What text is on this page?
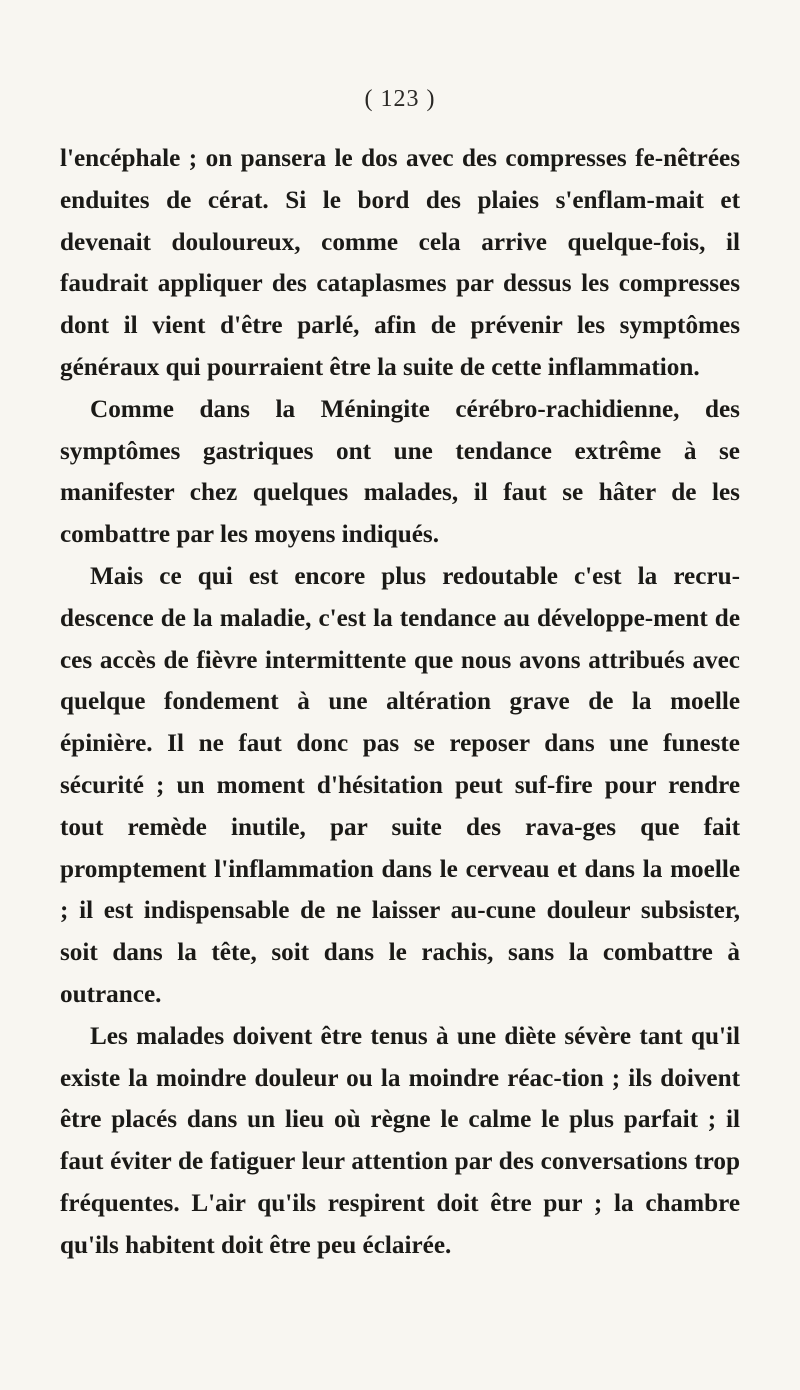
( 123 )

l'encéphale ; on pansera le dos avec des compresses fe-nêtrées enduites de cérat. Si le bord des plaies s'enflam-mait et devenait douloureux, comme cela arrive quelque-fois, il faudrait appliquer des cataplasmes par dessus les compresses dont il vient d'être parlé, afin de prévenir les symptômes généraux qui pourraient être la suite de cette inflammation.

Comme dans la Méningite cérébro-rachidienne, des symptômes gastriques ont une tendance extrême à se manifester chez quelques malades, il faut se hâter de les combattre par les moyens indiqués.

Mais ce qui est encore plus redoutable c'est la recru-descence de la maladie, c'est la tendance au développe-ment de ces accès de fièvre intermittente que nous avons attribués avec quelque fondement à une altération grave de la moelle épinière. Il ne faut donc pas se reposer dans une funeste sécurité ; un moment d'hésitation peut suf-fire pour rendre tout remède inutile, par suite des rava-ges que fait promptement l'inflammation dans le cerveau et dans la moelle ; il est indispensable de ne laisser au-cune douleur subsister, soit dans la tête, soit dans le rachis, sans la combattre à outrance.

Les malades doivent être tenus à une diète sévère tant qu'il existe la moindre douleur ou la moindre réac-tion ; ils doivent être placés dans un lieu où règne le calme le plus parfait ; il faut éviter de fatiguer leur attention par des conversations trop fréquentes. L'air qu'ils respirent doit être pur ; la chambre qu'ils habitent doit être peu éclairée.
